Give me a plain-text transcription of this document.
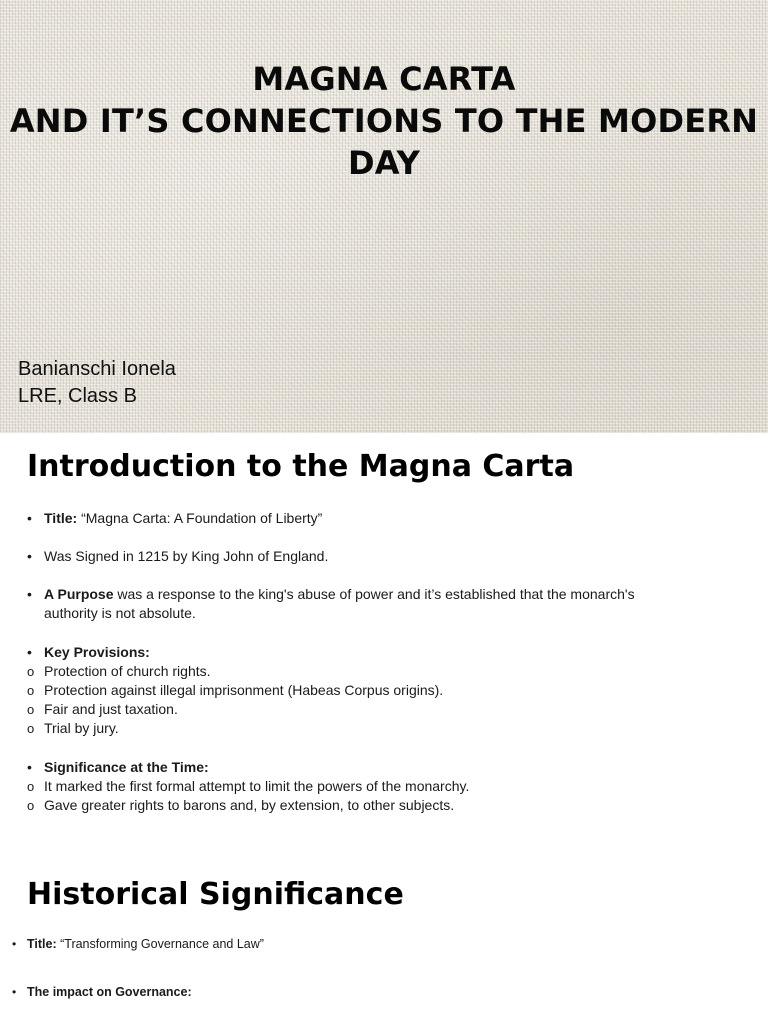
MAGNA CARTA
AND IT’S CONNECTIONS TO THE MODERN
DAY
Banianschi Ionela
LRE, Class B
Introduction to the Magna Carta
• Title: “Magna Carta: A Foundation of Liberty”
• Was Signed in 1215 by King John of England.
• A Purpose was a response to the king's abuse of power and it’s established that the monarch's
authority is not absolute.
• Key Provisions:
o Protection of church rights.
o Protection against illegal imprisonment (Habeas Corpus origins).
o Fair and just taxation.
o Trial by jury.
• Significance at the Time:
o It marked the first formal attempt to limit the powers of the monarchy.
o Gave greater rights to barons and, by extension, to other subjects.
Historical Significance
• Title: “Transforming Governance and Law”
• The impact on Governance:
